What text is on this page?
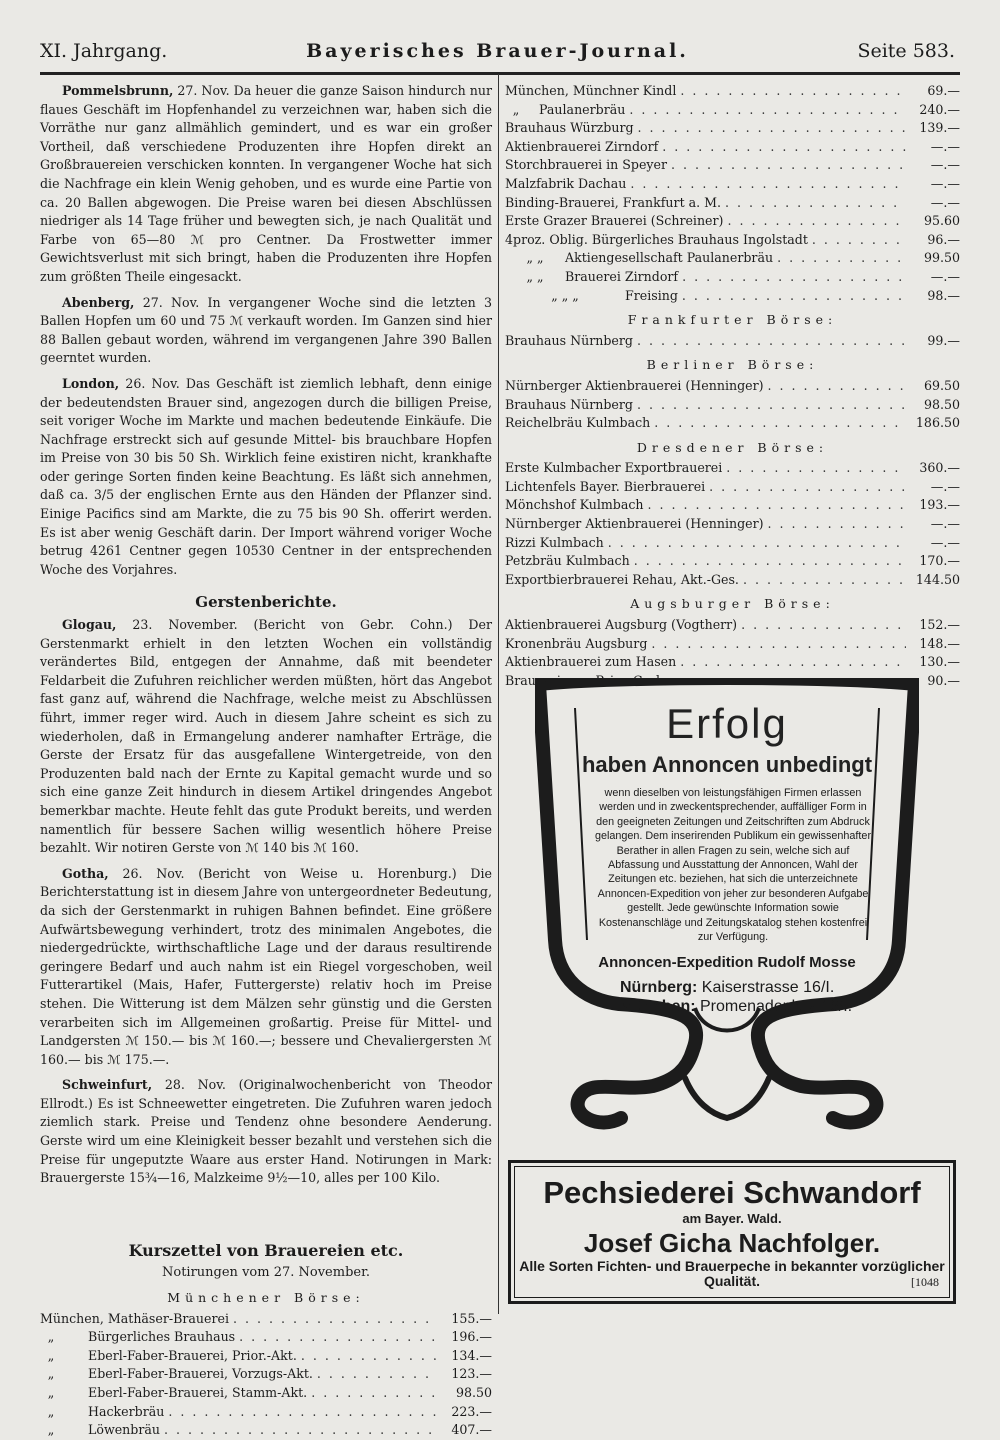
XI. Jahrgang.	Bayerisches Brauer-Journal.	Seite 583.

Pommelsbrunn, 27. Nov. Da heuer die ganze Saison hindurch nur flaues Geschäft im Hopfenhandel zu verzeichnen war, haben sich die Vorräthe nur ganz allmählich gemindert, und es war ein großer Vortheil, daß verschiedene Produzenten ihre Hopfen direkt an Großbrauereien verschicken konnten. In vergangener Woche hat sich die Nachfrage ein klein Wenig gehoben, und es wurde eine Partie von ca. 20 Ballen abgewogen. Die Preise waren bei diesen Abschlüssen niedriger als 14 Tage früher und bewegten sich, je nach Qualität und Farbe von 65—80 ℳ pro Centner. Da Frostwetter immer Gewichtsverlust mit sich bringt, haben die Produzenten ihre Hopfen zum größten Theile eingesackt.

Abenberg, 27. Nov. In vergangener Woche sind die letzten 3 Ballen Hopfen um 60 und 75 ℳ verkauft worden. Im Ganzen sind hier 88 Ballen gebaut worden, während im vergangenen Jahre 390 Ballen geerntet wurden.

London, 26. Nov. Das Geschäft ist ziemlich lebhaft, denn einige der bedeutendsten Brauer sind, angezogen durch die billigen Preise, seit voriger Woche im Markte und machen bedeutende Einkäufe. Die Nachfrage erstreckt sich auf gesunde Mittel- bis brauchbare Hopfen im Preise von 30 bis 50 Sh. Wirklich feine existiren nicht, krankhafte oder geringe Sorten finden keine Beachtung. Es läßt sich annehmen, daß ca. 3/5 der englischen Ernte aus den Händen der Pflanzer sind. Einige Pacifics sind am Markte, die zu 75 bis 90 Sh. offerirt werden. Es ist aber wenig Geschäft darin. Der Import während voriger Woche betrug 4261 Centner gegen 10530 Centner in der entsprechenden Woche des Vorjahres.

Gerstenberichte.

Glogau, 23. November. (Bericht von Gebr. Cohn.) Der Gerstenmarkt erhielt in den letzten Wochen ein vollständig verändertes Bild, entgegen der Annahme, daß mit beendeter Feldarbeit die Zufuhren reichlicher werden müßten, hört das Angebot fast ganz auf, während die Nachfrage, welche meist zu Abschlüssen führt, immer reger wird. Auch in diesem Jahre scheint es sich zu wiederholen, daß in Ermangelung anderer namhafter Erträge, die Gerste der Ersatz für das ausgefallene Wintergetreide, von den Produzenten bald nach der Ernte zu Kapital gemacht wurde und so sich eine ganze Zeit hindurch in diesem Artikel dringendes Angebot bemerkbar machte. Heute fehlt das gute Produkt bereits, und werden namentlich für bessere Sachen willig wesentlich höhere Preise bezahlt. Wir notiren Gerste von ℳ 140 bis ℳ 160.

Gotha, 26. Nov. (Bericht von Weise u. Horenburg.) Die Berichterstattung ist in diesem Jahre von untergeordneter Bedeutung, da sich der Gerstenmarkt in ruhigen Bahnen befindet. Eine größere Aufwärtsbewegung verhindert, trotz des minimalen Angebotes, die niedergedrückte, wirthschaftliche Lage und der daraus resultirende geringere Bedarf und auch nahm ist ein Riegel vorgeschoben, weil Futterartikel (Mais, Hafer, Futtergerste) relativ hoch im Preise stehen. Die Witterung ist dem Mälzen sehr günstig und die Gersten verarbeiten sich im Allgemeinen großartig. Preise für Mittel- und Landgersten ℳ 150.— bis ℳ 160.—; bessere und Chevaliergersten ℳ 160.— bis ℳ 175.—.

Schweinfurt, 28. Nov. (Originalwochenbericht von Theodor Ellrodt.) Es ist Schneewetter eingetreten. Die Zufuhren waren jedoch ziemlich stark. Preise und Tendenz ohne besondere Aenderung. Gerste wird um eine Kleinigkeit besser bezahlt und verstehen sich die Preise für ungeputzte Waare aus erster Hand. Notirungen in Mark: Brauergerste 15¾—16, Malzkeime 9½—10, alles per 100 Kilo.

Kurszettel von Brauereien etc.
Notirungen vom 27. November.
Münchener Börse:
München, Mathäser-Brauerei . . .	155.—
„	Bürgerliches Brauhaus . . .	196.—
„	Eberl-Faber-Brauerei, Prior.-Akt. . . .	134.—
„	Eberl-Faber-Brauerei, Vorzugs-Akt. . . .	123.—
„	Eberl-Faber-Brauerei, Stamm-Akt. . . .	98.50
„	Hackerbräu . . .	223.—
„	Löwenbräu . . .	407.—
München, Münchner Kindl . . .	69.—
„ Paulanerbräu . . .	240.—
Brauhaus Würzburg . . .	139.—
Aktienbrauerei Zirndorf . . .	—.—
Storchbrauerei in Speyer . . .	—.—
Malzfabrik Dachau . . .	—.—
Binding-Brauerei, Frankfurt a. M. . . .	—.—
Erste Grazer Brauerei (Schreiner) . . .	95.60
4proz. Oblig. Bürgerliches Brauhaus Ingolstadt . . .	96.—
„ „ Aktiengesellschaft Paulanerbräu . . .	99.50
„ „ Brauerei Zirndorf . . .	—.—
„ „ „	Freising . . .	98.—
Frankfurter Börse:
Brauhaus Nürnberg . . .	99.—
Berliner Börse:
Nürnberger Aktienbrauerei (Henninger) . . .	69.50
Brauhaus Nürnberg . . .	98.50
Reichelbräu Kulmbach . . .	186.50
Dresdener Börse:
Erste Kulmbacher Exportbrauerei . . .	360.—
Lichtenfels Bayer. Bierbrauerei . . .	—.—
Mönchshof Kulmbach . . .	193.—
Nürnberger Aktienbrauerei (Henninger) . . .	—.—
Rizzi Kulmbach . . .	—.—
Petzbräu Kulmbach . . .	170.—
Exportbierbrauerei Rehau, Akt.-Ges. . . .	144.50
Augsburger Börse:
Aktienbrauerei Augsburg (Vogtherr) . . .	152.—
Kronenbräu Augsburg . . .	148.—
Aktienbrauerei zum Hasen . . .	130.—
Brauerei zum Prinz Carl . . .	90.—
Erfolg
haben Annoncen unbedingt
wenn dieselben von leistungsfähigen Firmen erlassen werden und in zweckentsprechender, auffälliger Form in den geeigneten Zeitungen und Zeitschriften zum Abdruck gelangen. Dem inserirenden Publikum ein gewissenhafter Berather in allen Fragen zu sein, welche sich auf Abfassung und Ausstattung der Annoncen, Wahl der Zeitungen etc. beziehen, hat sich die unterzeichnete Annoncen-Expedition von jeher zur besonderen Aufgabe gestellt. Jede gewünschte Information sowie Kostenanschläge und Zeitungskatalog stehen kostenfrei zur Verfügung.
Annoncen-Expedition Rudolf Mosse
Nürnberg: Kaiserstrasse 16/I.
München: Promenadeplatz 16/I.
Pechsiederei Schwandorf
am Bayer. Wald.
Josef Gicha Nachfolger.
Alle Sorten Fichten- und Brauerpeche in bekannter vorzüglicher Qualität.	[1048
